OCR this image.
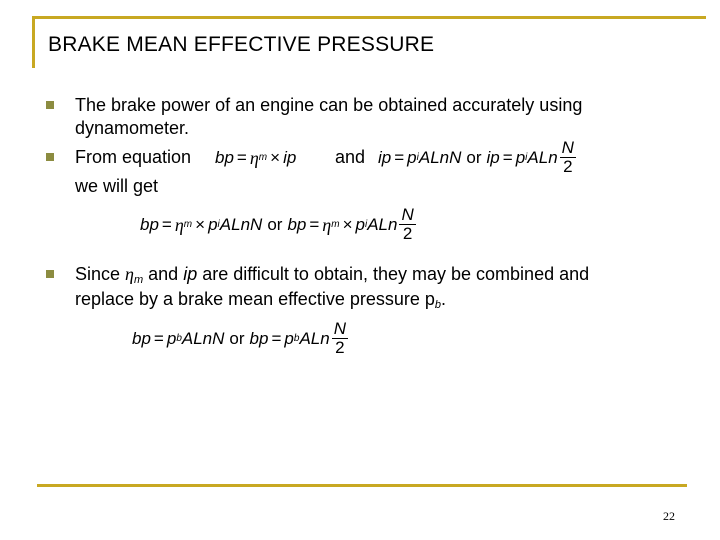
BRAKE MEAN EFFECTIVE PRESSURE
The brake power of an engine can be obtained accurately using
dynamometer.
From equation
we will get
bp = η m × ip and ip = p i ALnN or ip = p i ALn $\frac{N}{2}$
bp = η m × p i ALnN or bp = η m × p i ALn $\frac{N}{2}$
Since ηm and ip are difficult to obtain, they may be combined and
replace by a brake mean effective pressure pb.
bp = p b ALnN or bp = p b ALn $\frac{N}{2}$
22
